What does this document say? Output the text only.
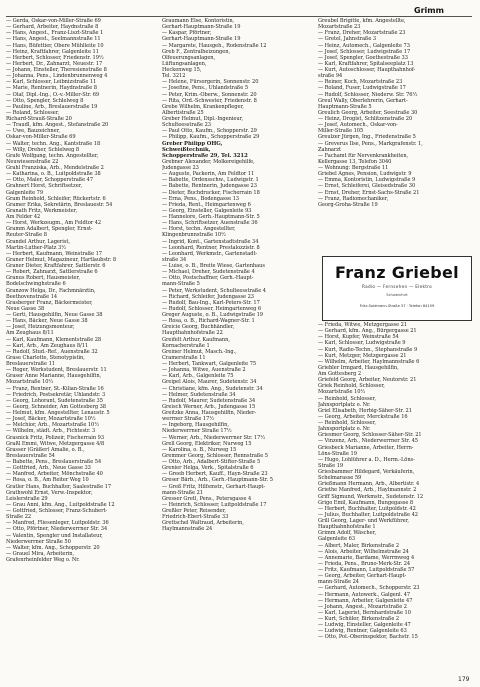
Grimm
— Gerda, Oskar-von-Miller-Straße 69
— Gerhard, Arbeiter, Haydnstraße 8
— Hans, Angest., Franz-Liszt-Straße 1
— Hans, Angest., Seelmannstraße 11
— Hans, Büfettier, Obere Mühlleite 10
— Heinz, Kraftfahrer, Galgenleite 11
— Herbert, Schlosser, Friedenstr. 19½
— Herbert, Dr., Zahnarzt, Neuestr. 17
— Johann, Einsteller, Theresienstraße 8
— Johanna, Pens., Lindenbrunnenweg 4
— Karl, Schlosser, Leibnizstraße 11
— Marie, Rentnerin, Haydnstraße 8
— Olaf, Dipl.-Ing., O.-v.-Miller-Str. 69
— Otto, Spengler, Schlelweg 8
— Pauline, Arb., Breslauerstraße 19
— Roland, Schlosser,
Richard-Strauß-Straße 20
— Traudl, kfm. Angest., Stefanstraße 20
— Uwe, Bauzeichner,
Oskar-von-Miller-Straße 69
— Walter, techn. Ang., Kantstraße 18
— Willy, Dreher, Schlelweg 8
Grafe Wolfgang, techn. Angestellter,
Neuwiesenstraße 22
Grahl Franziska, Arb., Mendelstraße 2
— Katharina, o. B., Luitpoldstraße 38
— Otto, Maler, Schopperstraße 47
Grahnert Horst, Schriftsetzer,
Galgenleite 79
Gram Reinhold, Schleifer, Rückertstr. 6
Gramer Erika, Sekretärin, Breslauestr. 54
Granath Fritz, Werkmeister,
Am Felder 42
— Horst, Werkzeugm., Am Feldtor 42
Gramm Adalbert, Spengler, Ernst-
Reuter-Straße 8
Grandel Arthur, Lagerist,
Martin-Luther-Platz 3½
— Herbert, Kaufmann, Weinstraße 17
Graner Helmut, Magazineur, Hartlaubstr. 8
Graner Dieter, Kraftfahrer, Sattlerstr. 6
— Robert, Zahnarzt, Sattlerstraße 6
Granus Robert, Hausmeister,
Bodelschwinghstraße 6
Granzow Helga, Dr., Fachmnärztin,
Beethovenstraße 14
Grasberger Franz, Bäckermeister,
Neue Gasse 38
— Gerti, Hausgehilfin, Neue Gasse 38
— Hans, Bäcker, Neue Gasse 38
— Josef, Heizungsmonteur,
Am Zeughaus 8/11
— Karl, Kaufmann, Klementstraße 28
— Karl, Arb., Am Zeughaus 8/11
— Rudolf, Stud.-Ref., Auenstraße 32
Grase Charlotte, Stenotypistin,
Breslauerstraße 11
— Roger, Werkstudent, Breslauerstr. 11
Graser Anne Marianne, Hausgehilfin,
Mozartstraße 10½
— Franz, Rentner, St.-Kilian-Straße 16
— Friedrich, Postsekretär, Uhlandstr. 3
— Georg, Lohorant, Sudetenstraße 35
— Georg, Schneider, Am Gottesberg 38
— Helmut, kfm. Angestellter, Lenaustr. 5
— Josef, Bäcker, Mozartstraße 10½
— Melchior, Arb., Mozartstraße 10½
— Wilhelm, städt. Arb., Fichtestr. 3
Grasnick Fritz, Polizeir, Fischerrain 93
Graßl Emmi, Witwe, Metzgergasse 4/8
Grasser (Gräßer) Amalie, o. B.,
Breslauerstraße 54
— Babette, Pens., Breslauerstraße 54
— Gottfried, Arb., Neue Gasse 33
— Manfred, Arbeiter, Mönchstraße 40
— Rosa, o. B., Am Reiter Weg 10
Gratler Hans, Buchhalter, Saalestraße 17
Grathwohl Ernst, Verw.-Inspektor,
Leislerstraße 29
— Grau Anni, kfm. Ang., Luitpoldstraße 12
— Gottfried, Schlosser, Franz-Schubert-
Straße 22
— Manfred, Fliesenleger, Luitpoldstr. 36
— Otto, Pförtner, Niederwerrner Str. 34
— Valentin, Spengler und Installateur,
Niederwerrner Straße 50
— Walter, kfm. Ang., Schopperstr. 20
— Grauel Mira, Arbeiterin,
Grafenrheinfelder Weg o. Nr.
Graumann Else, Kontoristin,
Gerhart-Hauptmann-Straße 19
— Kaspar, Pförtner,
Gerhart-Hauptmann-Straße 19
— Margarete, Hausgeh., Rodenstraße 12
Greb F., Zentralheizungen,
Ölfeuerungsanlagen,
Lüftungsanlagen,
Heckenweg 15,
Tel. 3212
— Helene, Fürsorgerin, Sonnenstr. 20
— Josefine, Pens., Uhlandstraße 5
— Peter, Krim.-Oberw., Sonnenstr. 20
— Rita, Ord.-Schwester, Friedenstr. 8
Grebe Wilhelm, Krankenpfleger,
Albertistraße 25
Greber Helmut, Dipl.-Ingenieur,
Schulteesstraße 23
— Paul Otto, Kaufm., Schopperstr. 29
— Philipp, Kaufm., Schopperstraße 29
Greber Philipp OHG,
Schweißtechnik,
Schopperstraße 29, Tel. 3212
Grebner Alexander, Molkereigehilfe,
Judengasse 23
— Auguste, Packerin, Am Feldtor 11
— Babette, Ordensschw., Ludwigstr. 1
— Babette, Rentnerin, Judengasse 23
— Dieter, Buchdrucker, Fischerrain 18
— Erna, Pens., Bodengasse 13
— Frieda, Rent., Heimgartenweg 6
— Georg, Einsteller, Galgenleite 93
— Hannelore, Gerh.-Hauptmann-Str. 5
— Hans, Schriftsetzer, Auenstraße 36
— Horst, techn. Angestellter,
Klingenbrunnstraße 10½
— Ingrid, Kont., Gartenstadtstraße 34
— Leonhard, Rentner, Prestalozzistr. 8
— Leonhard, Werkmstr., Gartenstadt-
straße 34
— Luise, o. B., Breite Wiese, Gartenhaus
— Michael, Dreher, Sudetenstraße 4
— Otto, Postschaffner, Gerh.-Haupt-
mann-Straße 5
— Peter, Werkstudent, Schulteesstraße 4
— Richard, Schleifer, Judengasse 23
— Rudolf, Bau-Ing., Karl-Peters-Str. 17
— Rudolf, Schlosser, Heimgartenweg 6
Greger Auguste, o. B., Ludwigstraße 19
— Rosa, o. B., Richard-Wagner-Str. 1
Greicie Georg, Buchhändler,
Haupthahnhofstraße 22
Greifelt Arthur, Kaufmann,
Kornacherstraße 1
Greiner Helmut, Masch.-Ing.,
Cramerstraße 11
— Herbert, Tankwart, Galgenleite 75
— Johanna, Witwe, Auenstraße 2
— Karl, Arb., Galgenleite 75
Greipel Alois, Maurer, Sudetenstr. 34
— Christiane, kfm. Ang., Sudetenstr. 34
— Helmer, Sudetenstraße 34
— Rudolf, Maurer, Sudetenstraße 34
Greisch Werner, Arb., Judengasse 15
Greitzke Anna, Hausgehilfin, Nieder-
werrner Straße 17½
— Ingeborg, Hausgehilfin,
Niederwerrner Straße 17½
— Werner, Arb., Niederwerrner Str. 17½
Grell Georg, Elektriker, Nurweg 15
— Karolina, o. B., Nurweg 15
Gremmer Georg, Schlosser, Rennstraße 5
— Otto, Arb., Adalbert-Stifter-Straße 5
Grenier Helga, Verk., Spitalstraße 6
— Greeb Herbert, Kauff., Hayn-Straße 23
Greser Bärb., Arb., Gerh.-Hauptmann-Str. 5
— Greß Fritz, Hilfsmstr., Gerhart-Haupt-
mann-Straße 21
Gresser Gretl, Pens., Petersgasse 4
— Heinrich, Schlosser, Luitpoldstraße 17
Greßler Peter, Reisender,
Friedrich-Ebert-Straße 33
Grettschel Waltraud, Arbeiterin,
Haylmannstraße 24
Greubel Brigitte, kfm. Angestellte,
Mozartstraße 23
— Franz, Dreher, Mozartstraße 23
— Gretel, Jahnstraße 3
— Heinz, Automech., Galgenleite 73
— Josef, Schlosser, Ludwigstraße 17
— Josef, Spengler, Goethestraße 33
— Karl, Kraftfahrer, Spitalseeplatz 13
— Kurt, Autoschlosser, Haupthahnhof-
straße 94
— Reiner, Koch, Mozartstraße 23
— Roland, Fuser, Ludwigstraße 17
— Rudolf, Schlosser, Niederw. Str. 76½
Greul Wally, Oberlehrerin, Gerhart-
Hauptmann-Straße 5
Greulich Georg, Arbeiter, Seestraße 30
— Heinz, Drogist, Schlitzenstraße 20
— Josef, Automech., Oskar-von-
Miller-Straße 105
Greulzer Jürgen, Ing., Friedenstraße 5
— Greverus Ilse, Pens., Markgrafenstr. 1,
Zahnarzt
— Fachamt für Nervenkrankheiten,
Kellergasse 13, Telefon 3040
— Wohnung: Bergstraße 11
Griebel Agnes, Pension, Ludwigstr. 9
— Emma, Kontoristin, Ludwigstraße 9
— Ernst, Schleiferei, Gleisedstraße 30
— Ernst, Dreher, Ernst-Sachs-Straße 21
— Franz, Radiomechaniker,
Georg-Groha-Straße 19
Franz Griebel
Radio — Fernsehen — Elektro
Schweinfurt
Fritz-Soldmann-Straße 37 · Telefon 84159
— Frieda, Witwe, Metzgergasse 21
— Gerhard, kfm. Ang., Bürgergasse 21
— Horst, Kupfer, Weinstraße 54
— Karl, Schlosser, Ludwigstraße 9
— Kurt, Radio-Techn., Stephanstraße 9
— Kurt, Metzger, Metzgergasse 21
— Wilhelm, Arbeiter, Haylmannstraße 6
Griebler Irmgard, Hausgehilfin,
Am Gottesberg 2
Griefeld Georg, Arbeiter, Neutorstr. 21
Griek Reinhold, Schlosser,
Mozartstraße 10½
— Reinhold, Schlosser,
Jahnsportplatz o. Nr.
Griel Elisabeth, Herbig-Säher-Str. 21
— Georg, Arbeiter, Merckstraße 16
— Reinhold, Schlosser,
Jahnsportplatz o. Nr.
Griesmer Georg, Schlosser-Säher-Str. 21
— Vinzenz, Arb., Niederwerrner Str. 45
Griesbeck Marianne, Arbeiter, Herrn-
Löns-Straße 19
— Hugo, Lohlührer a. D., Herm.-Löns-
Straße 19
Griesbammer Hildegard, Verkäuferin,
Schelmarasse 59
Grießmann Hermann, Arb., Albertistr. 4
Griethe Manfred, Arb., Haylmannstr. 2
Griff Sigmund, Werkmstr., Sudetenstr. 12
Grigo Emil, Kaufmann, Bungegasse 8
— Herbert, Buchhalter, Luitpoldstr. 42
— Julius, Buchhalter, Luitpoldstraße 42
Grill Georg, Lager- und Werkführer,
Haupthahnhofstraße 1
Grimm Adolf, Wäscher,
Galgenleite 63
— Albert, Maler, Birkenstraße 2
— Alois, Arbeiter, Wilhelmstraße 24
— Annemarie, Bardame, Werrmweg 4
— Frieda, Pens., Bruno-Merk-Str. 24
— Fritz, Kaufmann, Luitpoldstraße 57
— Georg, Arbeiter, Gerhart-Haupt-
mann-Straße 24
— Gerhard, Automech., Schopperstr. 23
— Hermann, Autowerk., Galgenl. 47
— Hermann, Arbeiter, Galgenleite 47
— Johann, Angest., Mozartstraße 2
— Karl, Lagerist, Bernhardstraße 10
— Kurt, Schüler, Birkenstraße 2
— Ludwig, Einsteller, Galgenleite 47
— Ludwig, Rentner, Galgenleite 63
— Otto, Pol.-Oberinspektor, Bachstr. 15
179
